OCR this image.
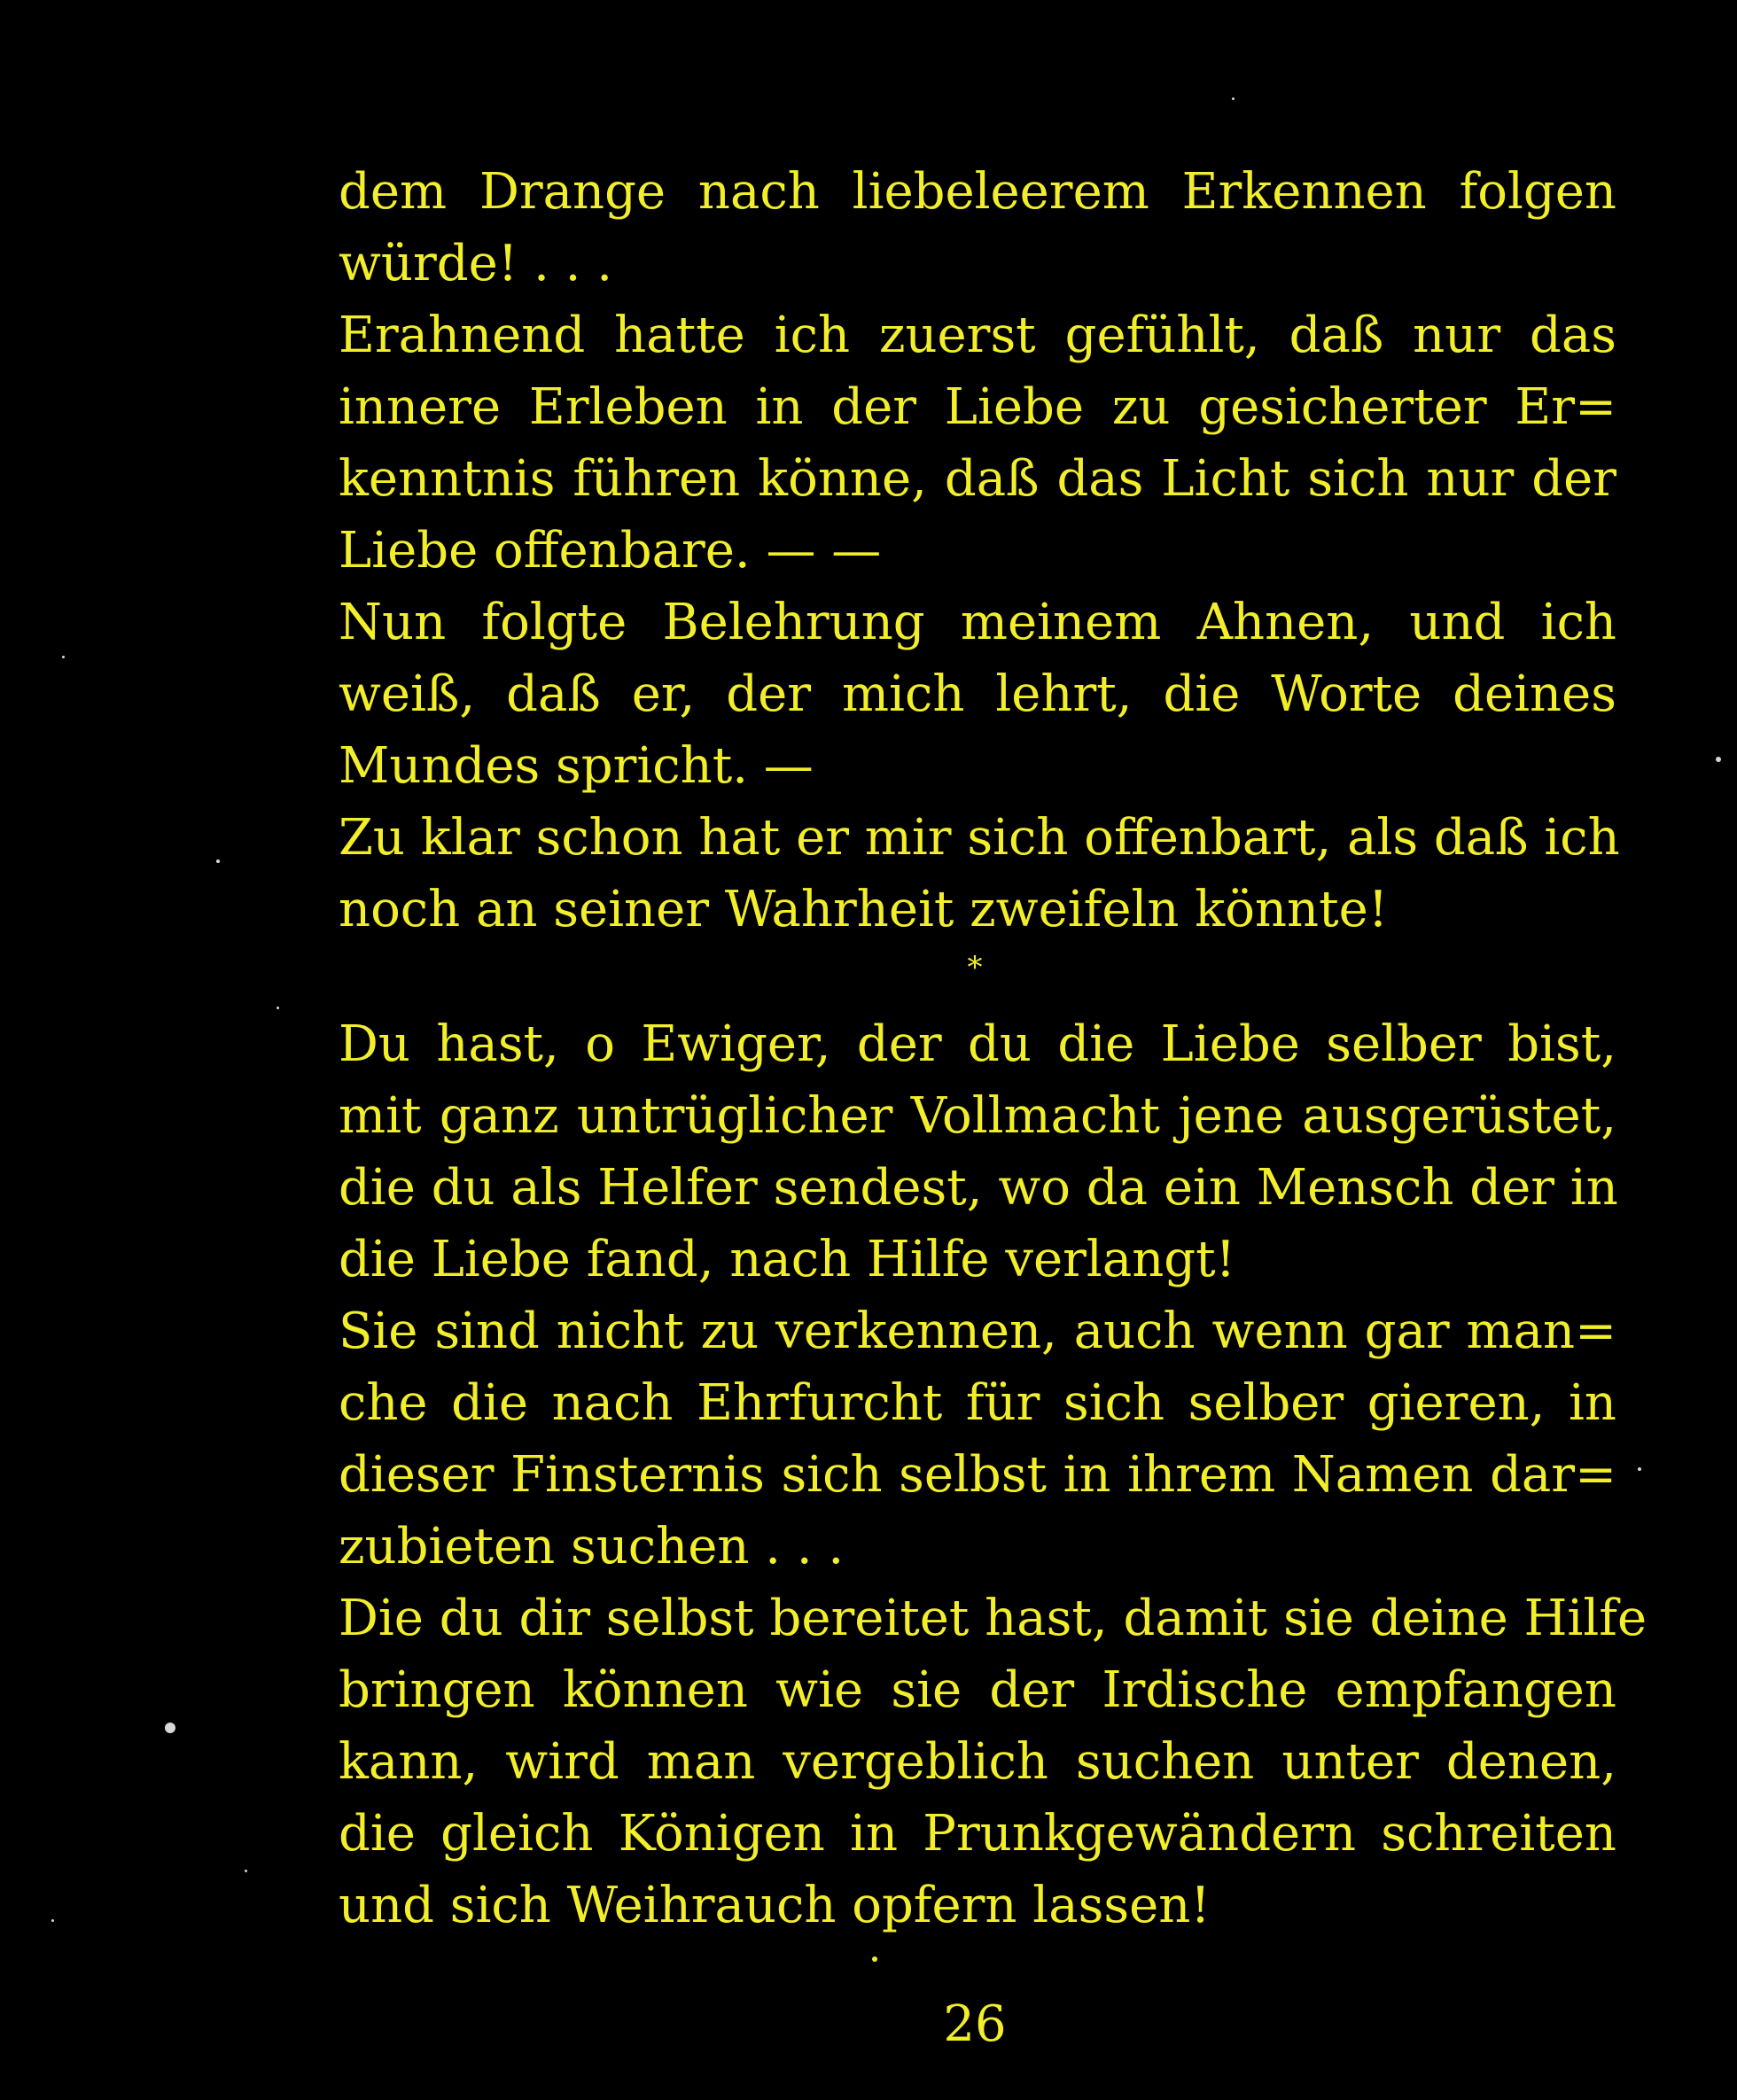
dem Drange nach liebeleerem Erkennen folgen
würde! . . .
Erahnend hatte ich zuerst gefühlt, daß nur das
innere Erleben in der Liebe zu gesicherter Er=
kenntnis führen könne, daß das Licht sich nur der
Liebe offenbare. — —
Nun folgte Belehrung meinem Ahnen, und ich
weiß, daß er, der mich lehrt, die Worte deines
Mundes spricht. —
Zu klar schon hat er mir sich offenbart, als daß ich
noch an seiner Wahrheit zweifeln könnte!
*
Du hast, o Ewiger, der du die Liebe selber bist,
mit ganz untrüglicher Vollmacht jene ausgerüstet,
die du als Helfer sendest, wo da ein Mensch der in
die Liebe fand, nach Hilfe verlangt!
Sie sind nicht zu verkennen, auch wenn gar man=
che die nach Ehrfurcht für sich selber gieren, in
dieser Finsternis sich selbst in ihrem Namen dar=
zubieten suchen . . .
Die du dir selbst bereitet hast, damit sie deine Hilfe
bringen können wie sie der Irdische empfangen
kann, wird man vergeblich suchen unter denen,
die gleich Königen in Prunkgewändern schreiten
und sich Weihrauch opfern lassen!
26
